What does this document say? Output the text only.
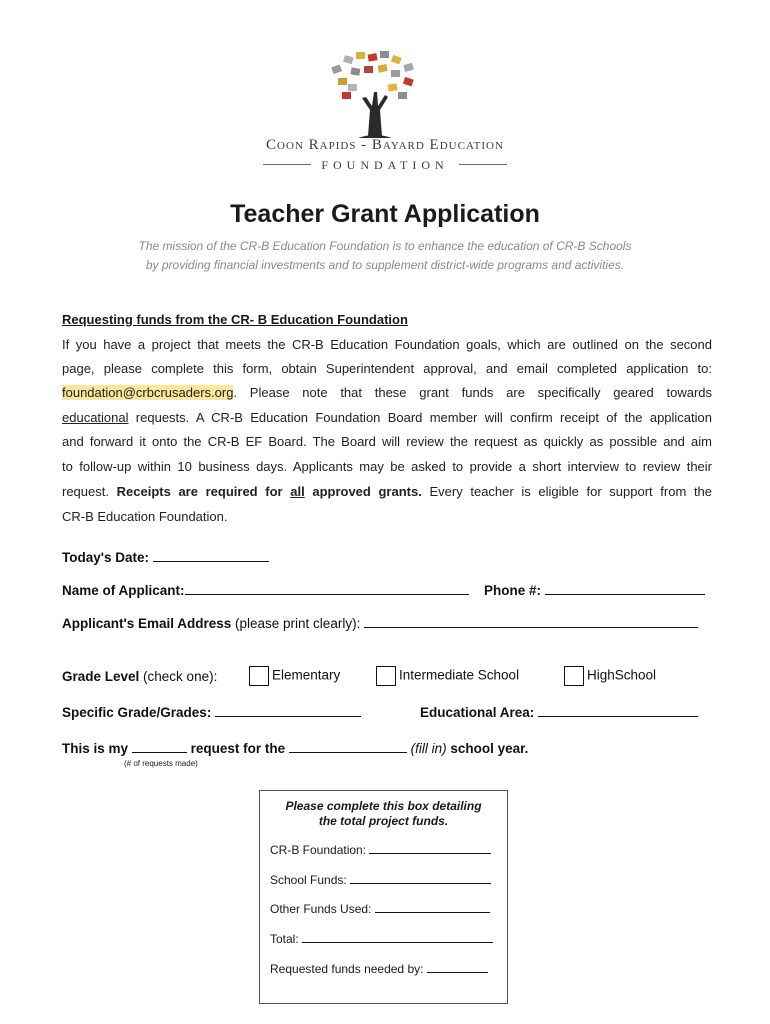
Coon Rapids - Bayard Education
FOUNDATION
Teacher Grant Application
The mission of the CR-B Education Foundation is to enhance the education of CR-B Schools
by providing financial investments and to supplement district-wide programs and activities.
Requesting funds from the CR- B Education Foundation
If you have a project that meets the CR-B Education Foundation goals, which are outlined on the second
page, please complete this form, obtain Superintendent approval, and email completed application to:
foundation@crbcrusaders.org. Please note that these grant funds are specifically geared towards
educational requests. A CR-B Education Foundation Board member will confirm receipt of the application
and forward it onto the CR-B EF Board. The Board will review the request as quickly as possible and aim
to follow-up within 10 business days. Applicants may be asked to provide a short interview to review their
request. Receipts are required for all approved grants. Every teacher is eligible for support from the
CR-B Education Foundation.
Today's Date:
Name of Applicant:	Phone #:
Applicant's Email Address (please print clearly):
Grade Level (check one):	Elementary	Intermediate School	HighSchool
Specific Grade/Grades:	Educational Area:
This is my	request for the	(fill in) school year.
(# of requests made)
Please complete this box detailing
the total project funds.
CR-B Foundation:
School Funds:
Other Funds Used:
Total:
Requested funds needed by:
